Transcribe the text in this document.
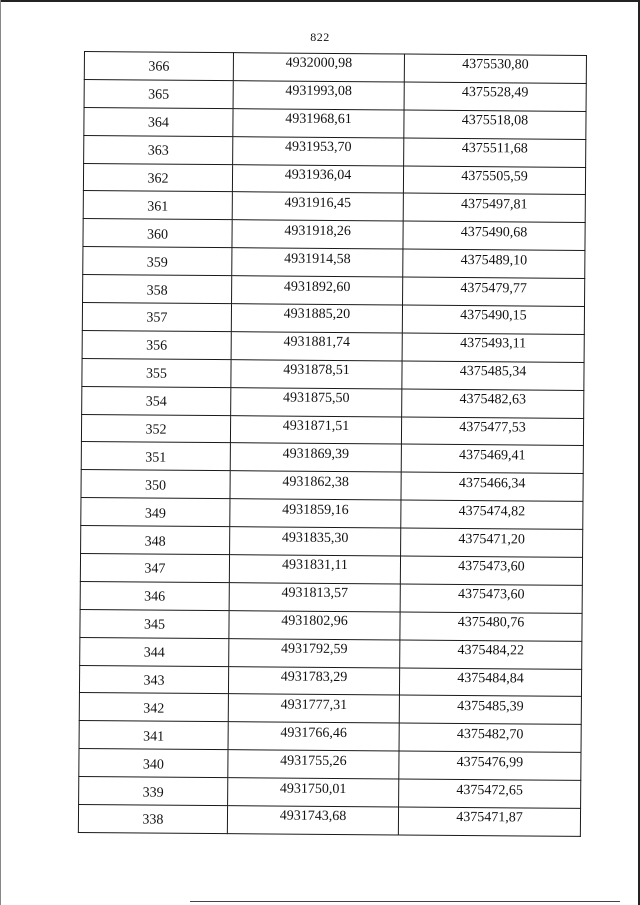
822
366	4932000,98	4375530,80
365	4931993,08	4375528,49
364	4931968,61	4375518,08
363	4931953,70	4375511,68
362	4931936,04	4375505,59
361	4931916,45	4375497,81
360	4931918,26	4375490,68
359	4931914,58	4375489,10
358	4931892,60	4375479,77
357	4931885,20	4375490,15
356	4931881,74	4375493,11
355	4931878,51	4375485,34
354	4931875,50	4375482,63
352	4931871,51	4375477,53
351	4931869,39	4375469,41
350	4931862,38	4375466,34
349	4931859,16	4375474,82
348	4931835,30	4375471,20
347	4931831,11	4375473,60
346	4931813,57	4375473,60
345	4931802,96	4375480,76
344	4931792,59	4375484,22
343	4931783,29	4375484,84
342	4931777,31	4375485,39
341	4931766,46	4375482,70
340	4931755,26	4375476,99
339	4931750,01	4375472,65
338	4931743,68	4375471,87
